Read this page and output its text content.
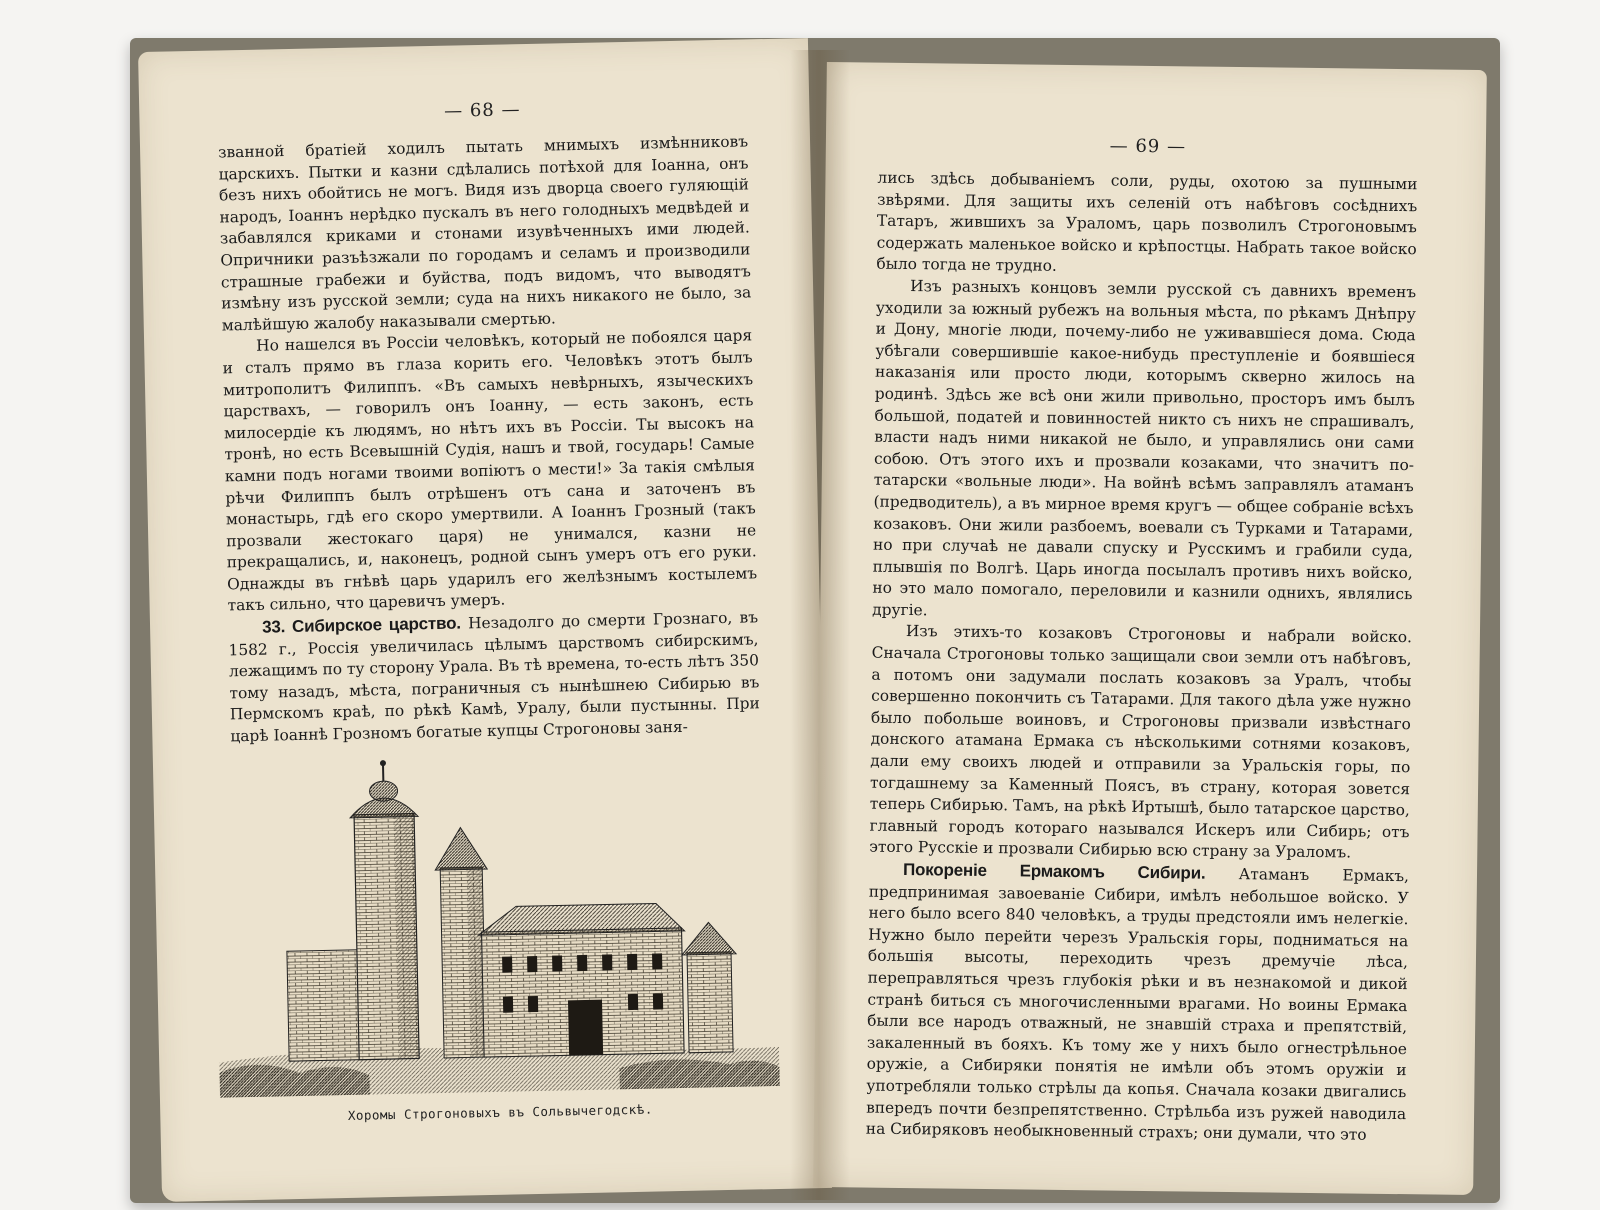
— 68 —

званной братiей ходилъ пытать мнимыхъ измѣнниковъ царскихъ. Пытки и казни сдѣлались потѣхой для Iоанна, онъ безъ нихъ обойтись не могъ. Видя изъ дворца своего гуляющiй народъ, Iоаннъ нерѣдко пускалъ въ него голодныхъ медвѣдей и забавлялся криками и стонами изувѣченныхъ ими людей. Опричники разъѣзжали по городамъ и селамъ и производили страшные грабежи и буйства, подъ видомъ, что выводятъ измѣну изъ русской земли; суда на нихъ никакого не было, за малѣйшую жалобу наказывали смертью.

Но нашелся въ Россiи человѣкъ, который не побоялся царя и сталъ прямо въ глаза корить его. Человѣкъ этотъ былъ митрополитъ Филиппъ. «Въ самыхъ невѣрныхъ, языческихъ царствахъ, — говорилъ онъ Iоанну, — есть законъ, есть милосердiе къ людямъ, но нѣтъ ихъ въ Россiи. Ты высокъ на тронѣ, но есть Всевышнiй Судiя, нашъ и твой, государь! Самые камни подъ ногами твоими вопiютъ о мести!» За такiя смѣлыя рѣчи Филиппъ былъ отрѣшенъ отъ сана и заточенъ въ монастырь, гдѣ его скоро умертвили. А Iоаннъ Грозный (такъ прозвали жестокаго царя) не унимался, казни не прекращались, и, наконецъ, родной сынъ умеръ отъ его руки. Однажды въ гнѣвѣ царь ударилъ его желѣзнымъ костылемъ такъ сильно, что царевичъ умеръ.

33. Сибирское царство. Незадолго до смерти Грознаго, въ 1582 г., Россiя увеличилась цѣлымъ царствомъ сибирскимъ, лежащимъ по ту сторону Урала. Въ тѣ времена, то-есть лѣтъ 350 тому назадъ, мѣста, пограничныя съ нынѣшнею Сибирью въ Пермскомъ краѣ, по рѣкѣ Камѣ, Уралу, были пустынны. При царѣ Iоаннѣ Грозномъ богатые купцы Строгоновы заня-

Хоромы Строгоновыхъ въ Сольвычегодскѣ.
— 69 —

лись здѣсь добыванiемъ соли, руды, охотою за пушными звѣрями. Для защиты ихъ селенiй отъ набѣговъ сосѣднихъ Татаръ, жившихъ за Ураломъ, царь позволилъ Строгоновымъ содержать маленькое войско и крѣпостцы. Набрать такое войско было тогда не трудно.

Изъ разныхъ концовъ земли русской съ давнихъ временъ уходили за южный рубежъ на вольныя мѣста, по рѣкамъ Днѣпру и Дону, многiе люди, почему-либо не уживавшiеся дома. Сюда убѣгали совершившiе какое-нибудь преступленiе и боявшiеся наказанiя или просто люди, которымъ скверно жилось на родинѣ. Здѣсь же всѣ они жили привольно, просторъ имъ былъ большой, податей и повинностей никто съ нихъ не спрашивалъ, власти надъ ними никакой не было, и управлялись они сами собою. Отъ этого ихъ и прозвали козаками, что значитъ по-татарски «вольные люди». На войнѣ всѣмъ заправлялъ атаманъ (предводитель), а въ мирное время кругъ — общее собранiе всѣхъ козаковъ. Они жили разбоемъ, воевали съ Турками и Татарами, но при случаѣ не давали спуску и Русскимъ и грабили суда, плывшiя по Волгѣ. Царь иногда посылалъ противъ нихъ войско, но это мало помогало, переловили и казнили однихъ, являлись другiе.

Изъ этихъ-то козаковъ Строгоновы и набрали войско. Сначала Строгоновы только защищали свои земли отъ набѣговъ, а потомъ они задумали послать козаковъ за Уралъ, чтобы совершенно покончить съ Татарами. Для такого дѣла уже нужно было побольше воиновъ, и Строгоновы призвали извѣстнаго донского атамана Ермака съ нѣсколькими сотнями козаковъ, дали ему своихъ людей и отправили за Уральскiя горы, по тогдашнему за Каменный Поясъ, въ страну, которая зовется теперь Сибирью. Тамъ, на рѣкѣ Иртышѣ, было татарское царство, главный городъ котораго назывался Искеръ или Сибирь; отъ этого Русскiе и прозвали Сибирью всю страну за Ураломъ.

Покоренiе Ермакомъ Сибири. Атаманъ Ермакъ, предпринимая завоеванiе Сибири, имѣлъ небольшое войско. У него было всего 840 человѣкъ, а труды предстояли имъ нелегкiе. Нужно было перейти черезъ Уральскiя горы, подниматься на большiя высоты, переходить чрезъ дремучiе лѣса, переправляться чрезъ глубокiя рѣки и въ незнакомой и дикой странѣ биться съ многочисленными врагами. Но воины Ермака были все народъ отважный, не знавшiй страха и препятствiй, закаленный въ бояхъ. Къ тому же у нихъ было огнестрѣльное оружiе, а Сибиряки понятiя не имѣли объ этомъ оружiи и употребляли только стрѣлы да копья. Сначала козаки двигались впередъ почти безпрепятственно. Стрѣльба изъ ружей наводила на Сибиряковъ необыкновенный страхъ; они думали, что это
